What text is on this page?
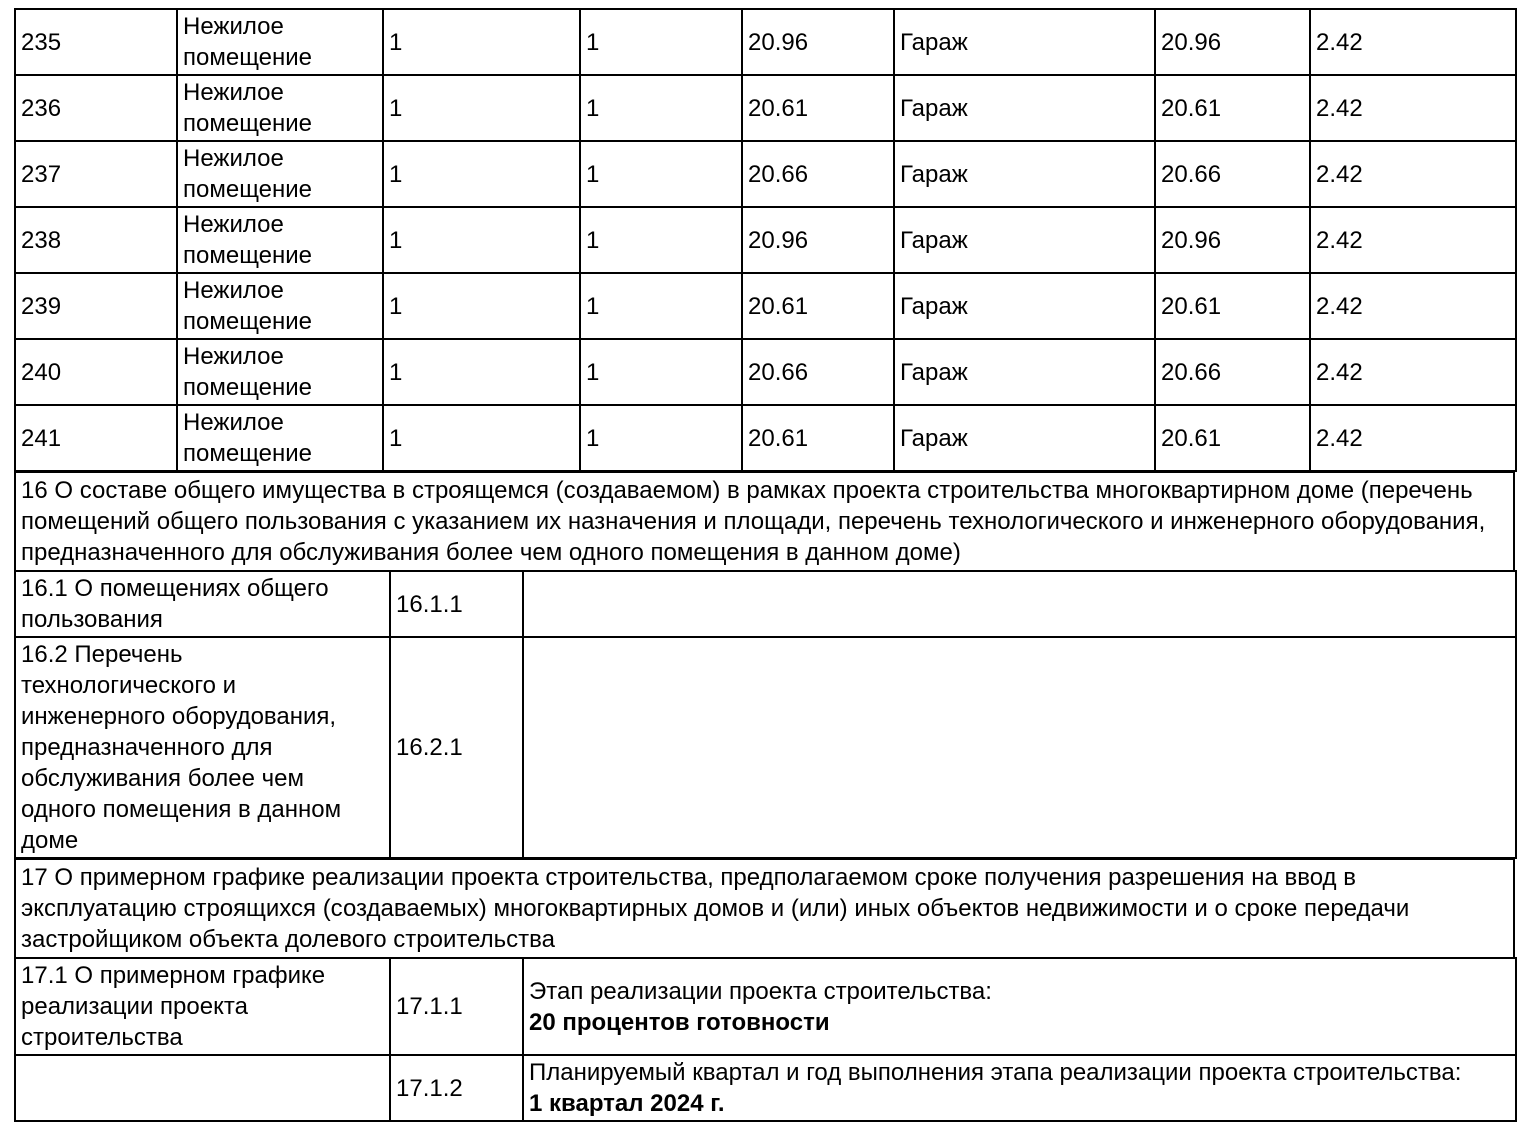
235	Нежилое помещение	1	1	20.96	Гараж	20.96	2.42
236	Нежилое помещение	1	1	20.61	Гараж	20.61	2.42
237	Нежилое помещение	1	1	20.66	Гараж	20.66	2.42
238	Нежилое помещение	1	1	20.96	Гараж	20.96	2.42
239	Нежилое помещение	1	1	20.61	Гараж	20.61	2.42
240	Нежилое помещение	1	1	20.66	Гараж	20.66	2.42
241	Нежилое помещение	1	1	20.61	Гараж	20.61	2.42
16 О составе общего имущества в строящемся (создаваемом) в рамках проекта строительства многоквартирном доме (перечень помещений общего пользования с указанием их назначения и площади, перечень технологического и инженерного оборудования, предназначенного для обслуживания более чем одного помещения в данном доме)
16.1 О помещениях общего пользования	16.1.1	
16.2 Перечень технологического и инженерного оборудования, предназначенного для обслуживания более чем одного помещения в данном доме	16.2.1	
17 О примерном графике реализации проекта строительства, предполагаемом сроке получения разрешения на ввод в эксплуатацию строящихся (создаваемых) многоквартирных домов и (или) иных объектов недвижимости и о сроке передачи застройщиком объекта долевого строительства
17.1 О примерном графике реализации проекта строительства	17.1.1	Этап реализации проекта строительства:
20 процентов готовности

	17.1.2	Планируемый квартал и год выполнения этапа реализации проекта строительства:
1 квартал 2024 г.
